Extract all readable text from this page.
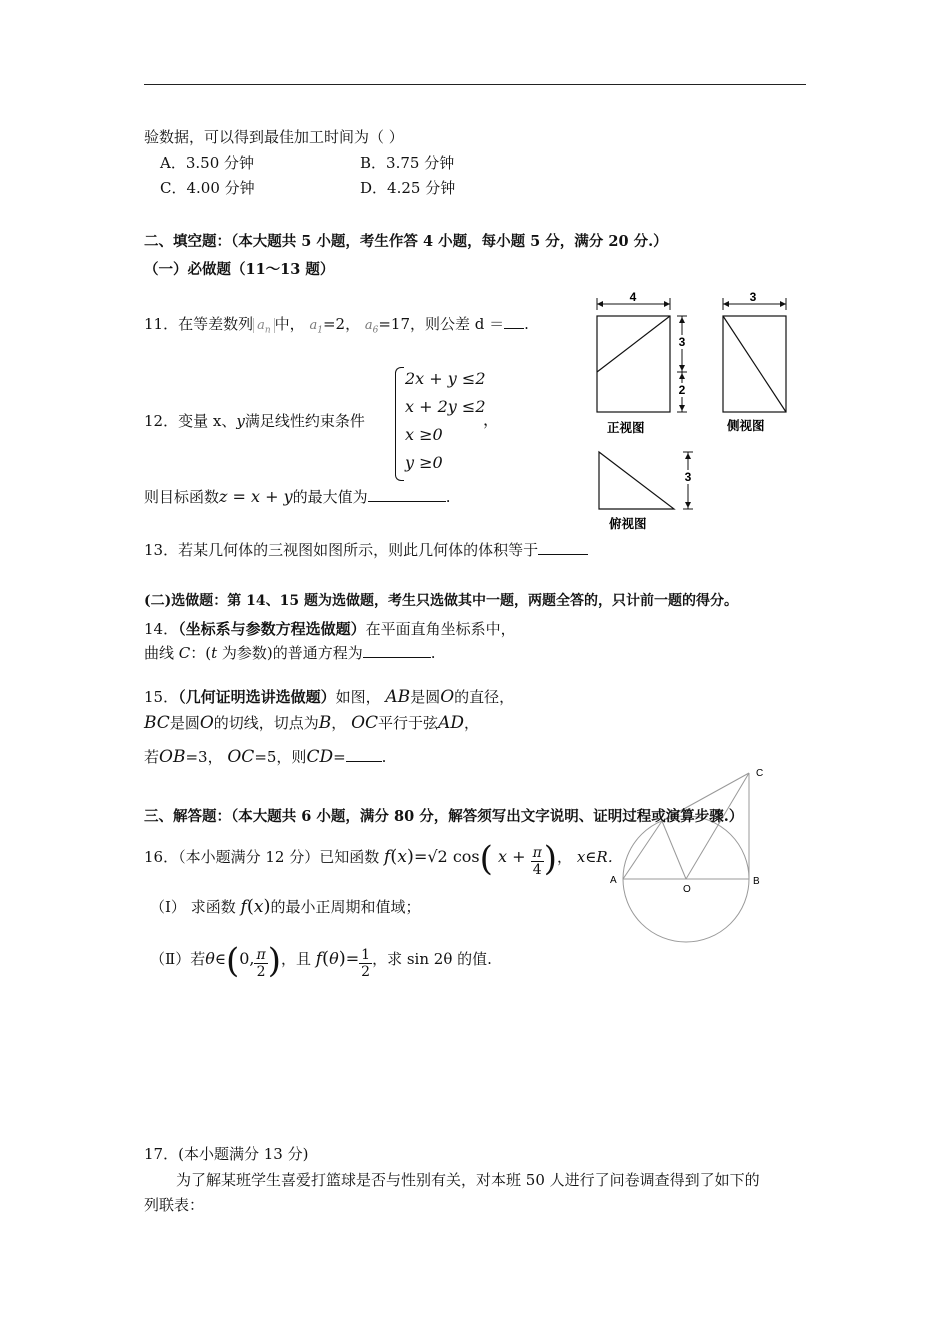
验数据，可以得到最佳加工时间为（ ）
A．3.50 分钟	B．3.75 分钟
C．4.00 分钟	D．4.25 分钟
二、填空题：（本大题共 5 小题，考生作答 4 小题，每小题 5 分，满分 20 分.）
（一）必做题（11～13 题）
11．在等差数列 $a_n$ 中， $a_1=2$， $a_6=17$，则公差 d ＝ .
12．变量 x、y满足线性约束条件
2x + y ≤2
x + 2y ≤2
x ≥0
y ≥0
，
则目标函数z = x + y的最大值为	.
4
3
2
正视图
3
侧视图
3
俯视图
13．若某几何体的三视图如图所示，则此几何体的体积等于
(二)选做题：第 14、15 题为选做题，考生只选做其中一题，两题全答的，只计前一题的得分。
14．（坐标系与参数方程选做题）在平面直角坐标系中，
曲线 C：(t 为参数)的普通方程为	.
15．（几何证明选讲选做题）如图， AB是圆O的直径，
BC是圆O的切线，切点为B， OC平行于弦AD，
若OB=3， OC=5，则CD= .
A
O
B
C
三、解答题：（本大题共 6 小题，满分 80 分，解答须写出文字说明、证明过程或演算步骤.）
16．（本小题满分 12 分）已知函数 f(x)=√2 cos( $x + \frac{\pi}{4}$ )， x∈R．
（Ⅰ） 求函数 f(x)的最小正周期和值域；
（Ⅱ）若θ∈(0, $\frac{\pi}{2}$ )，且 $f(\theta)= \frac{1}{2}$ ，求 sin 2θ 的值.
17．(本小题满分 13 分)
为了解某班学生喜爱打篮球是否与性别有关，对本班 50 人进行了问卷调查得到了如下的
列联表：
